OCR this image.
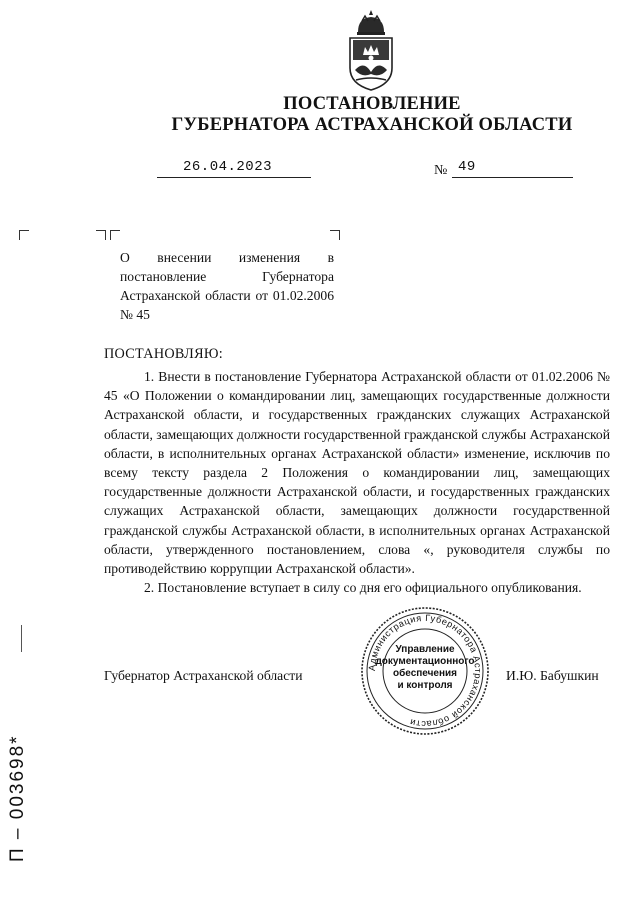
ПОСТАНОВЛЕНИЕ
ГУБЕРНАТОРА АСТРАХАНСКОЙ ОБЛАСТИ
26.04.2023	№ 49
О внесении изменения в постановление Губернатора Астраханской области от 01.02.2006 № 45
ПОСТАНОВЛЯЮ:

1. Внести в постановление Губернатора Астраханской области от 01.02.2006 № 45 «О Положении о командировании лиц, замещающих государственные должности Астраханской области, и государственных гражданских служащих Астраханской области, замещающих должности государственной гражданской службы Астраханской области, в исполнительных органах Астраханской области» изменение, исключив по всему тексту раздела 2 Положения о командировании лиц, замещающих государственные должности Астраханской области, и государственных гражданских служащих Астраханской области, замещающих должности государственной гражданской службы Астраханской области, в исполнительных органах Астраханской области, утвержденного постановлением, слова «, руководителя службы по противодействию коррупции Астраханской области».

2. Постановление вступает в силу со дня его официального опубликования.

Губернатор Астраханской области	И.Ю. Бабушкин
Управление
документационного
обеспечения
и контроля
Администрация Губернатора Астраханской области
П – 003698*
